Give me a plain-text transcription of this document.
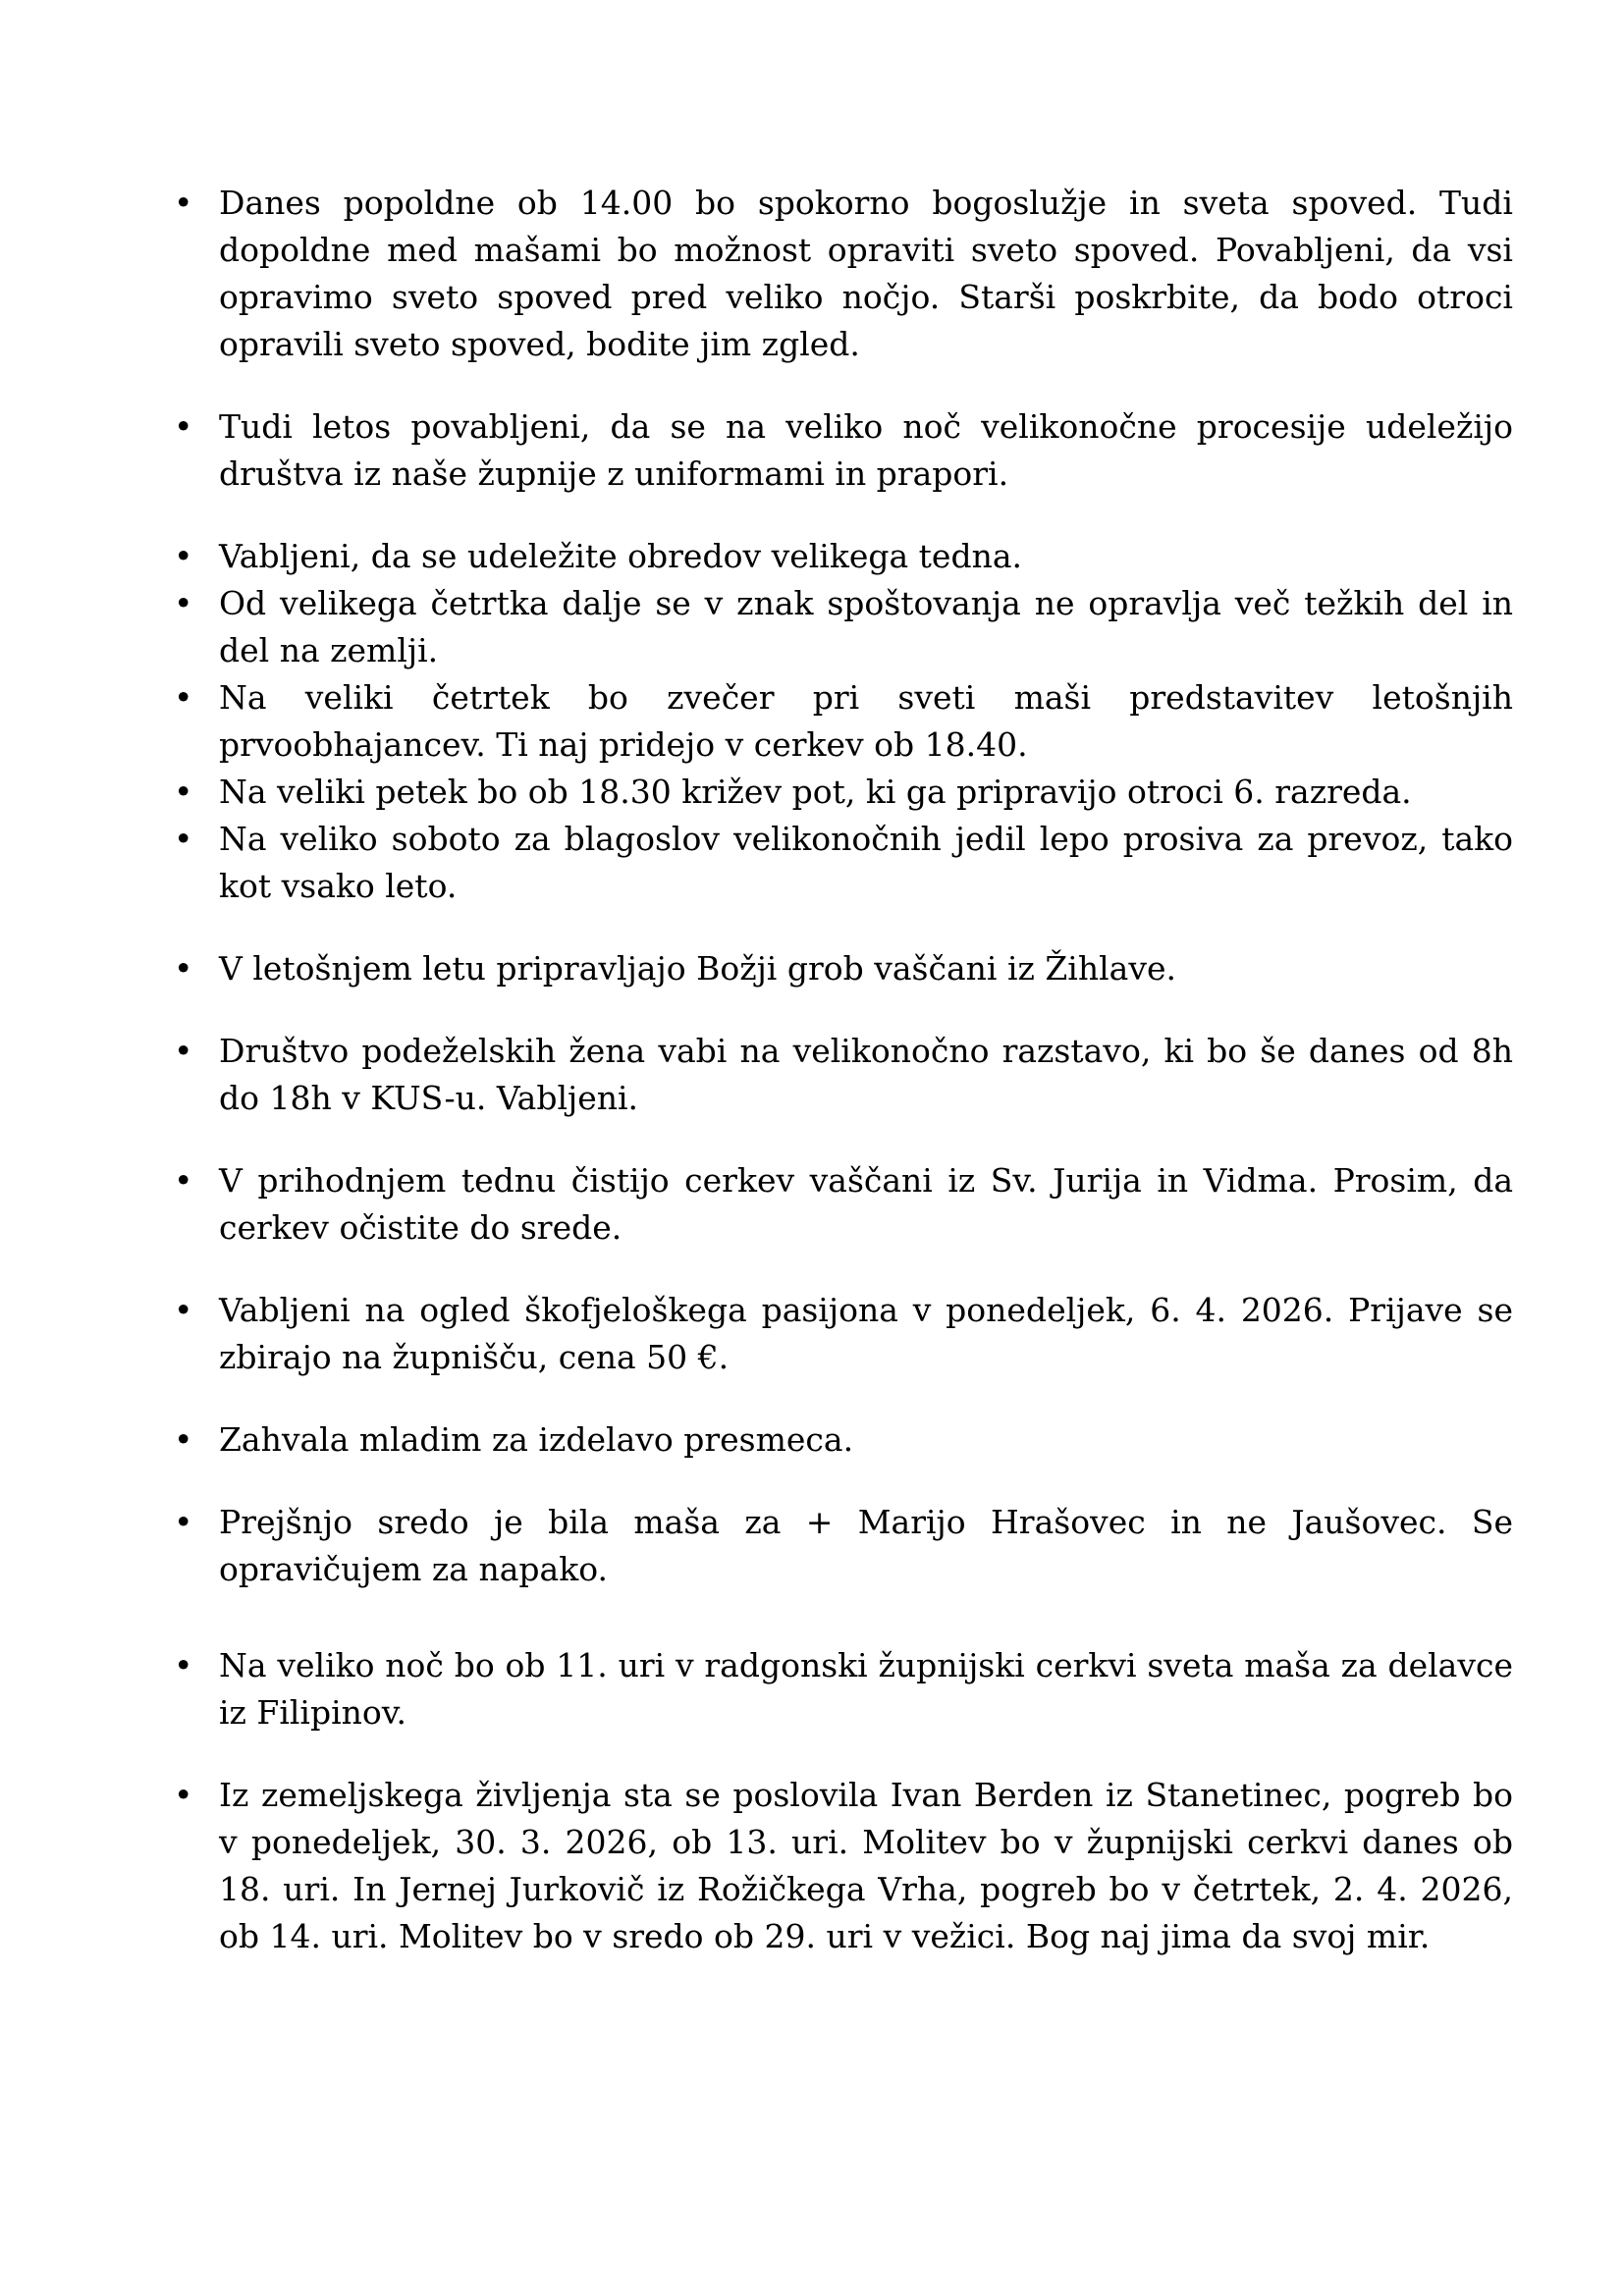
• Danes popoldne ob 14.00 bo spokorno bogoslužje in sveta spoved. Tudi dopoldne med mašami bo možnost opraviti sveto spoved. Povabljeni, da vsi opravimo sveto spoved pred veliko nočjo. Starši poskrbite, da bodo otroci opravili sveto spoved, bodite jim zgled.
• Tudi letos povabljeni, da se na veliko noč velikonočne procesije udeležijo društva iz naše župnije z uniformami in prapori.
• Vabljeni, da se udeležite obredov velikega tedna.
• Od velikega četrtka dalje se v znak spoštovanja ne opravlja več težkih del in del na zemlji.
• Na veliki četrtek bo zvečer pri sveti maši predstavitev letošnjih prvoobhajancev. Ti naj pridejo v cerkev ob 18.40.
• Na veliki petek bo ob 18.30 križev pot, ki ga pripravijo otroci 6. razreda.
• Na veliko soboto za blagoslov velikonočnih jedil lepo prosiva za prevoz, tako kot vsako leto.
• V letošnjem letu pripravljajo Božji grob vaščani iz Žihlave.
• Društvo podeželskih žena vabi na velikonočno razstavo, ki bo še danes od 8h do 18h v KUS-u. Vabljeni.
• V prihodnjem tednu čistijo cerkev vaščani iz Sv. Jurija in Vidma. Prosim, da cerkev očistite do srede.
• Vabljeni na ogled škofjeloškega pasijona v ponedeljek, 6. 4. 2026. Prijave se zbirajo na župnišču, cena 50 €.
• Zahvala mladim za izdelavo presmeca.
• Prejšnjo sredo je bila maša za + Marijo Hrašovec in ne Jaušovec. Se opravičujem za napako.
• Na veliko noč bo ob 11. uri v radgonski župnijski cerkvi sveta maša za delavce iz Filipinov.
• Iz zemeljskega življenja sta se poslovila Ivan Berden iz Stanetinec, pogreb bo v ponedeljek, 30. 3. 2026, ob 13. uri. Molitev bo v župnijski cerkvi danes ob 18. uri. In Jernej Jurkovič iz Rožičkega Vrha, pogreb bo v četrtek, 2. 4. 2026, ob 14. uri. Molitev bo v sredo ob 29. uri v vežici. Bog naj jima da svoj mir.
